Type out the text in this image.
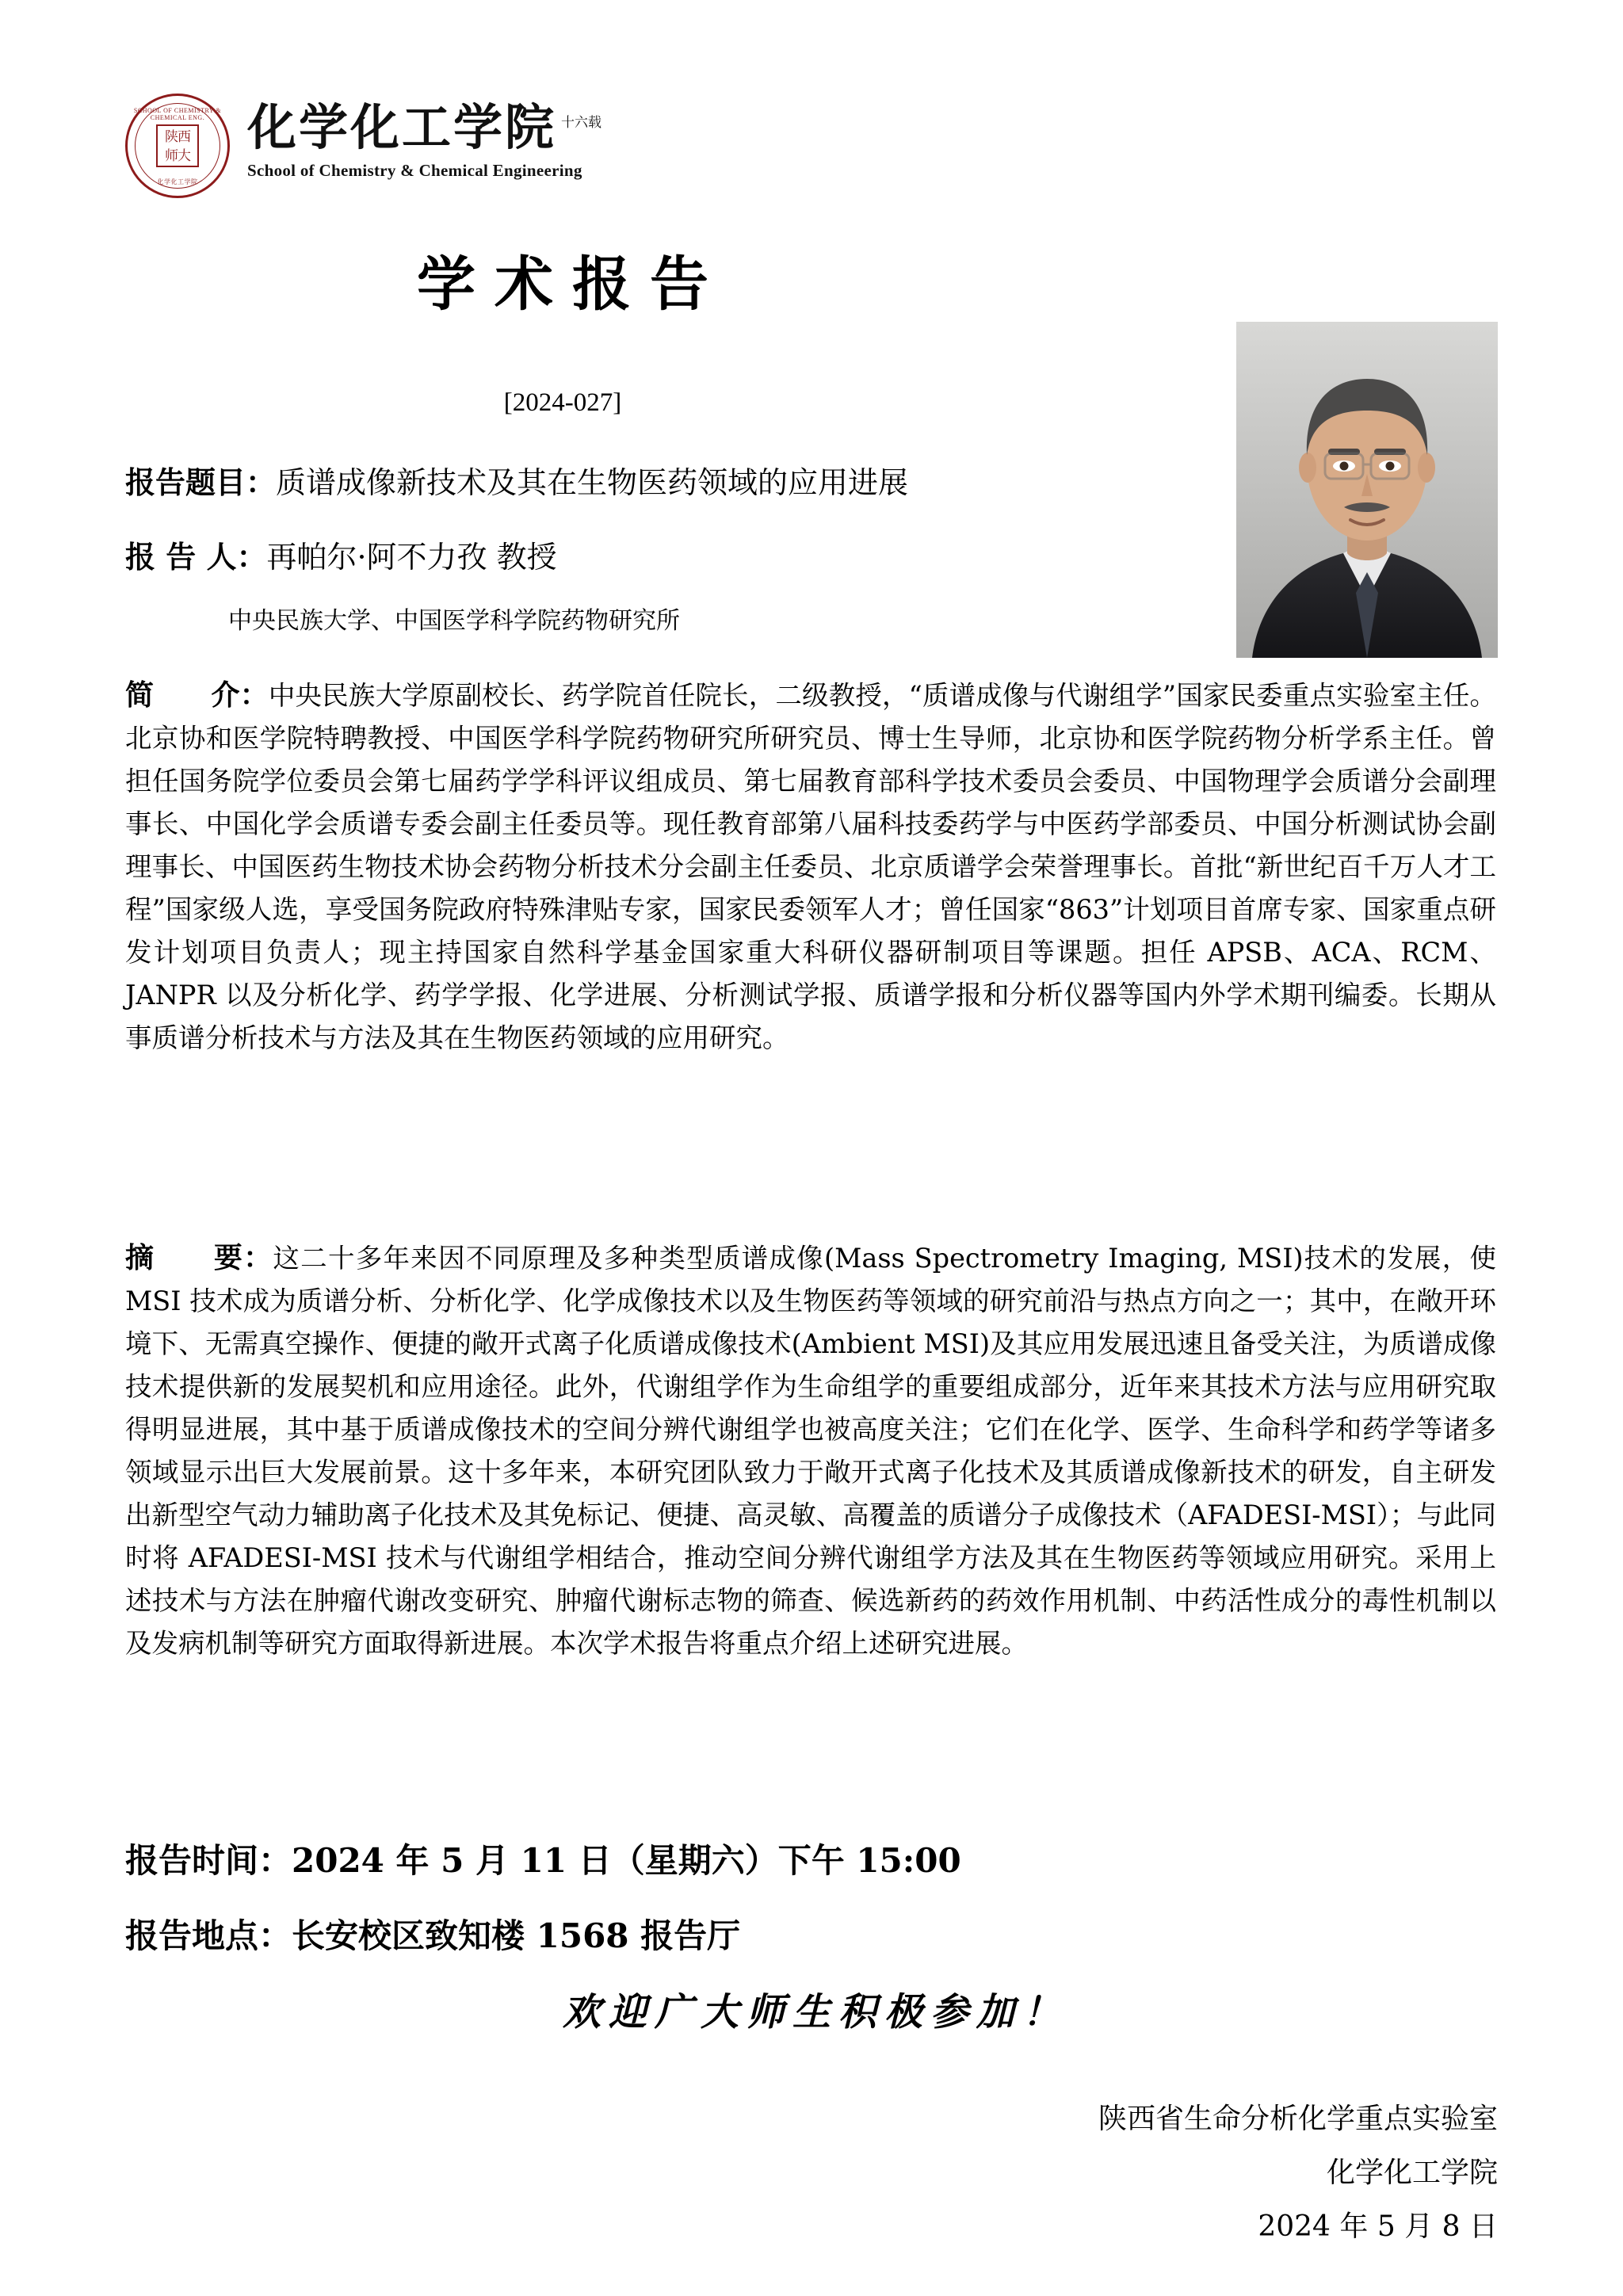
SCHOOL OF CHEMISTRY & CHEMICAL ENG.
陕西
师大
化学化工学院
化学化工学院 $^{十六载}$
School of Chemistry & Chemical Engineering
学术报告
[2024-027]
报告题目：质谱成像新技术及其在生物医药领域的应用进展
报 告 人：再帕尔·阿不力孜 教授
中央民族大学、中国医学科学院药物研究所
简　　介：中央民族大学原副校长、药学院首任院长，二级教授，“质谱成像与代谢组学”国家民委重点实验室主任。北京协和医学院特聘教授、中国医学科学院药物研究所研究员、博士生导师，北京协和医学院药物分析学系主任。曾担任国务院学位委员会第七届药学学科评议组成员、第七届教育部科学技术委员会委员、中国物理学会质谱分会副理事长、中国化学会质谱专委会副主任委员等。现任教育部第八届科技委药学与中医药学部委员、中国分析测试协会副理事长、中国医药生物技术协会药物分析技术分会副主任委员、北京质谱学会荣誉理事长。首批“新世纪百千万人才工程”国家级人选，享受国务院政府特殊津贴专家，国家民委领军人才；曾任国家“863”计划项目首席专家、国家重点研发计划项目负责人；现主持国家自然科学基金国家重大科研仪器研制项目等课题。担任 APSB、ACA、RCM、JANPR 以及分析化学、药学学报、化学进展、分析测试学报、质谱学报和分析仪器等国内外学术期刊编委。长期从事质谱分析技术与方法及其在生物医药领域的应用研究。
摘　　要：这二十多年来因不同原理及多种类型质谱成像(Mass Spectrometry Imaging, MSI)技术的发展，使 MSI 技术成为质谱分析、分析化学、化学成像技术以及生物医药等领域的研究前沿与热点方向之一；其中，在敞开环境下、无需真空操作、便捷的敞开式离子化质谱成像技术(Ambient MSI)及其应用发展迅速且备受关注，为质谱成像技术提供新的发展契机和应用途径。此外，代谢组学作为生命组学的重要组成部分，近年来其技术方法与应用研究取得明显进展，其中基于质谱成像技术的空间分辨代谢组学也被高度关注；它们在化学、医学、生命科学和药学等诸多领域显示出巨大发展前景。这十多年来，本研究团队致力于敞开式离子化技术及其质谱成像新技术的研发，自主研发出新型空气动力辅助离子化技术及其免标记、便捷、高灵敏、高覆盖的质谱分子成像技术（AFADESI-MSI）；与此同时将 AFADESI-MSI 技术与代谢组学相结合，推动空间分辨代谢组学方法及其在生物医药等领域应用研究。采用上述技术与方法在肿瘤代谢改变研究、肿瘤代谢标志物的筛查、候选新药的药效作用机制、中药活性成分的毒性机制以及发病机制等研究方面取得新进展。本次学术报告将重点介绍上述研究进展。
报告时间：2024 年 5 月 11 日（星期六）下午 15:00
报告地点：长安校区致知楼 1568 报告厅
欢迎广大师生积极参加！
陕西省生命分析化学重点实验室
化学化工学院
2024 年 5 月 8 日
